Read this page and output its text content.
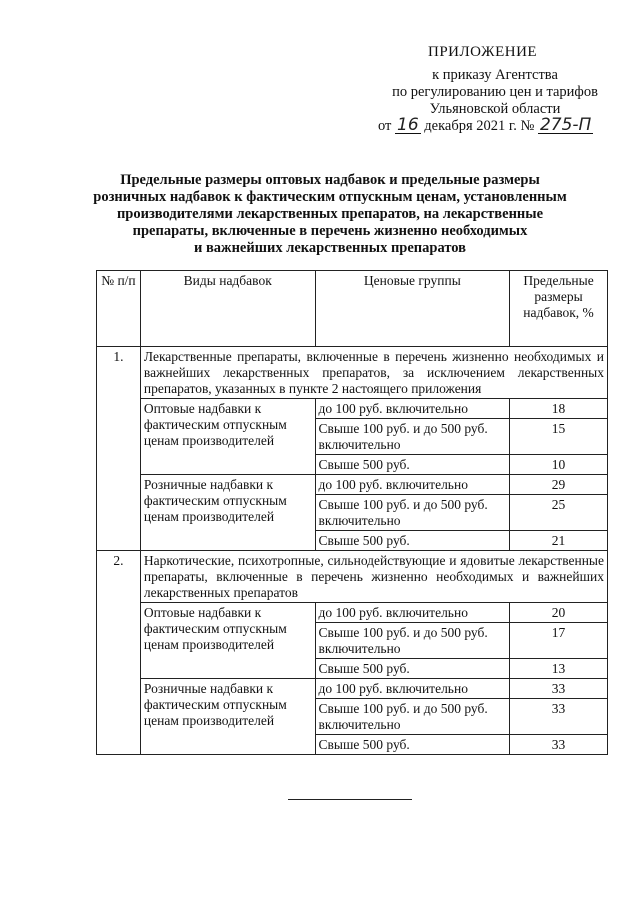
ПРИЛОЖЕНИЕ
к приказу Агентства
по регулированию цен и тарифов
Ульяновской области
от 16 декабря 2021 г. № 275-П
Предельные размеры оптовых надбавок и предельные размеры
розничных надбавок к фактическим отпускным ценам, установленным
производителями лекарственных препаратов, на лекарственные
препараты, включенные в перечень жизненно необходимых
и важнейших лекарственных препаратов
№ п/п	Виды надбавок	Ценовые группы	Предельные размеры надбавок, %
1.	Лекарственные препараты, включенные в перечень жизненно необходимых и важнейших лекарственных препаратов, за исключением лекарственных препаратов, указанных в пункте 2 настоящего приложения		
	Оптовые надбавки к фактическим отпускным ценам производителей	до 100 руб. включительно	18
		Свыше 100 руб. и до 500 руб. включительно	15
		Свыше 500 руб.	10
	Розничные надбавки к фактическим отпускным ценам производителей	до 100 руб. включительно	29
		Свыше 100 руб. и до 500 руб. включительно	25
		Свыше 500 руб.	21
2.	Наркотические, психотропные, сильнодействующие и ядовитые лекарственные препараты, включенные в перечень жизненно необходимых и важнейших лекарственных препаратов		
	Оптовые надбавки к фактическим отпускным ценам производителей	до 100 руб. включительно	20
		Свыше 100 руб. и до 500 руб. включительно	17
		Свыше 500 руб.	13
	Розничные надбавки к фактическим отпускным ценам производителей	до 100 руб. включительно	33
		Свыше 100 руб. и до 500 руб. включительно	33
		Свыше 500 руб.	33
